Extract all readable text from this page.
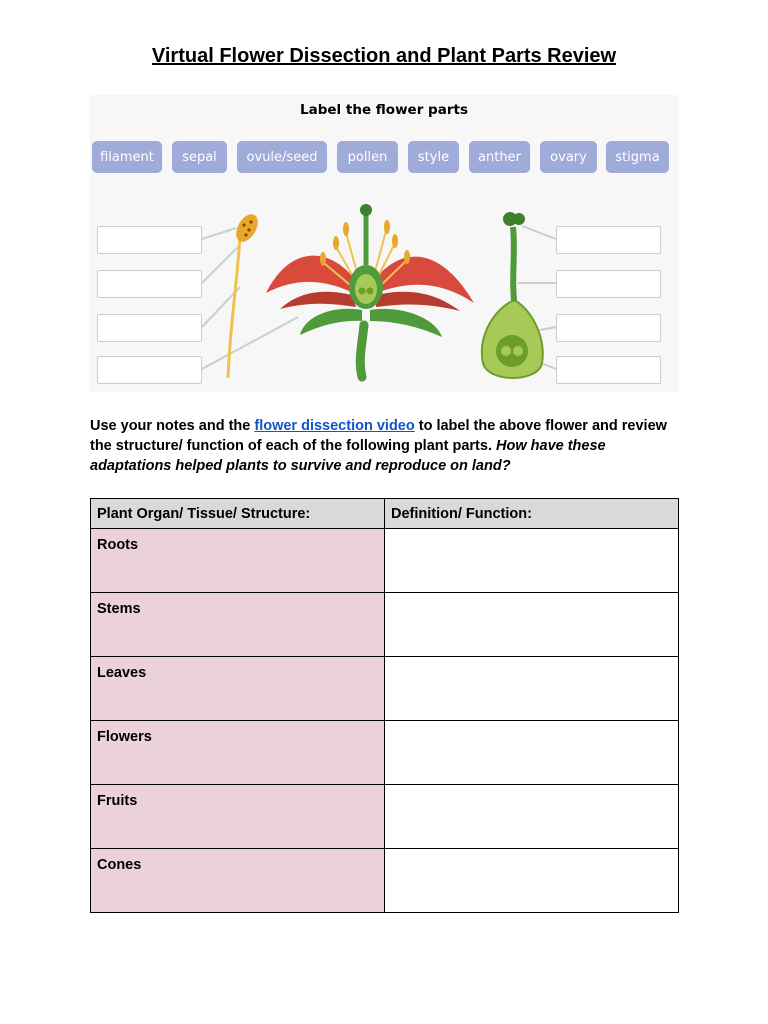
Virtual Flower Dissection and Plant Parts Review
Label the flower parts
filament	sepal	ovule/seed	pollen	style	anther	ovary	stigma
Use your notes and the flower dissection video to label the above flower and review the structure/ function of each of the following plant parts. How have these adaptations helped plants to survive and reproduce on land?
Plant Organ/ Tissue/ Structure:	Definition/ Function:
Roots	
Stems	
Leaves	
Flowers	
Fruits	
Cones	
